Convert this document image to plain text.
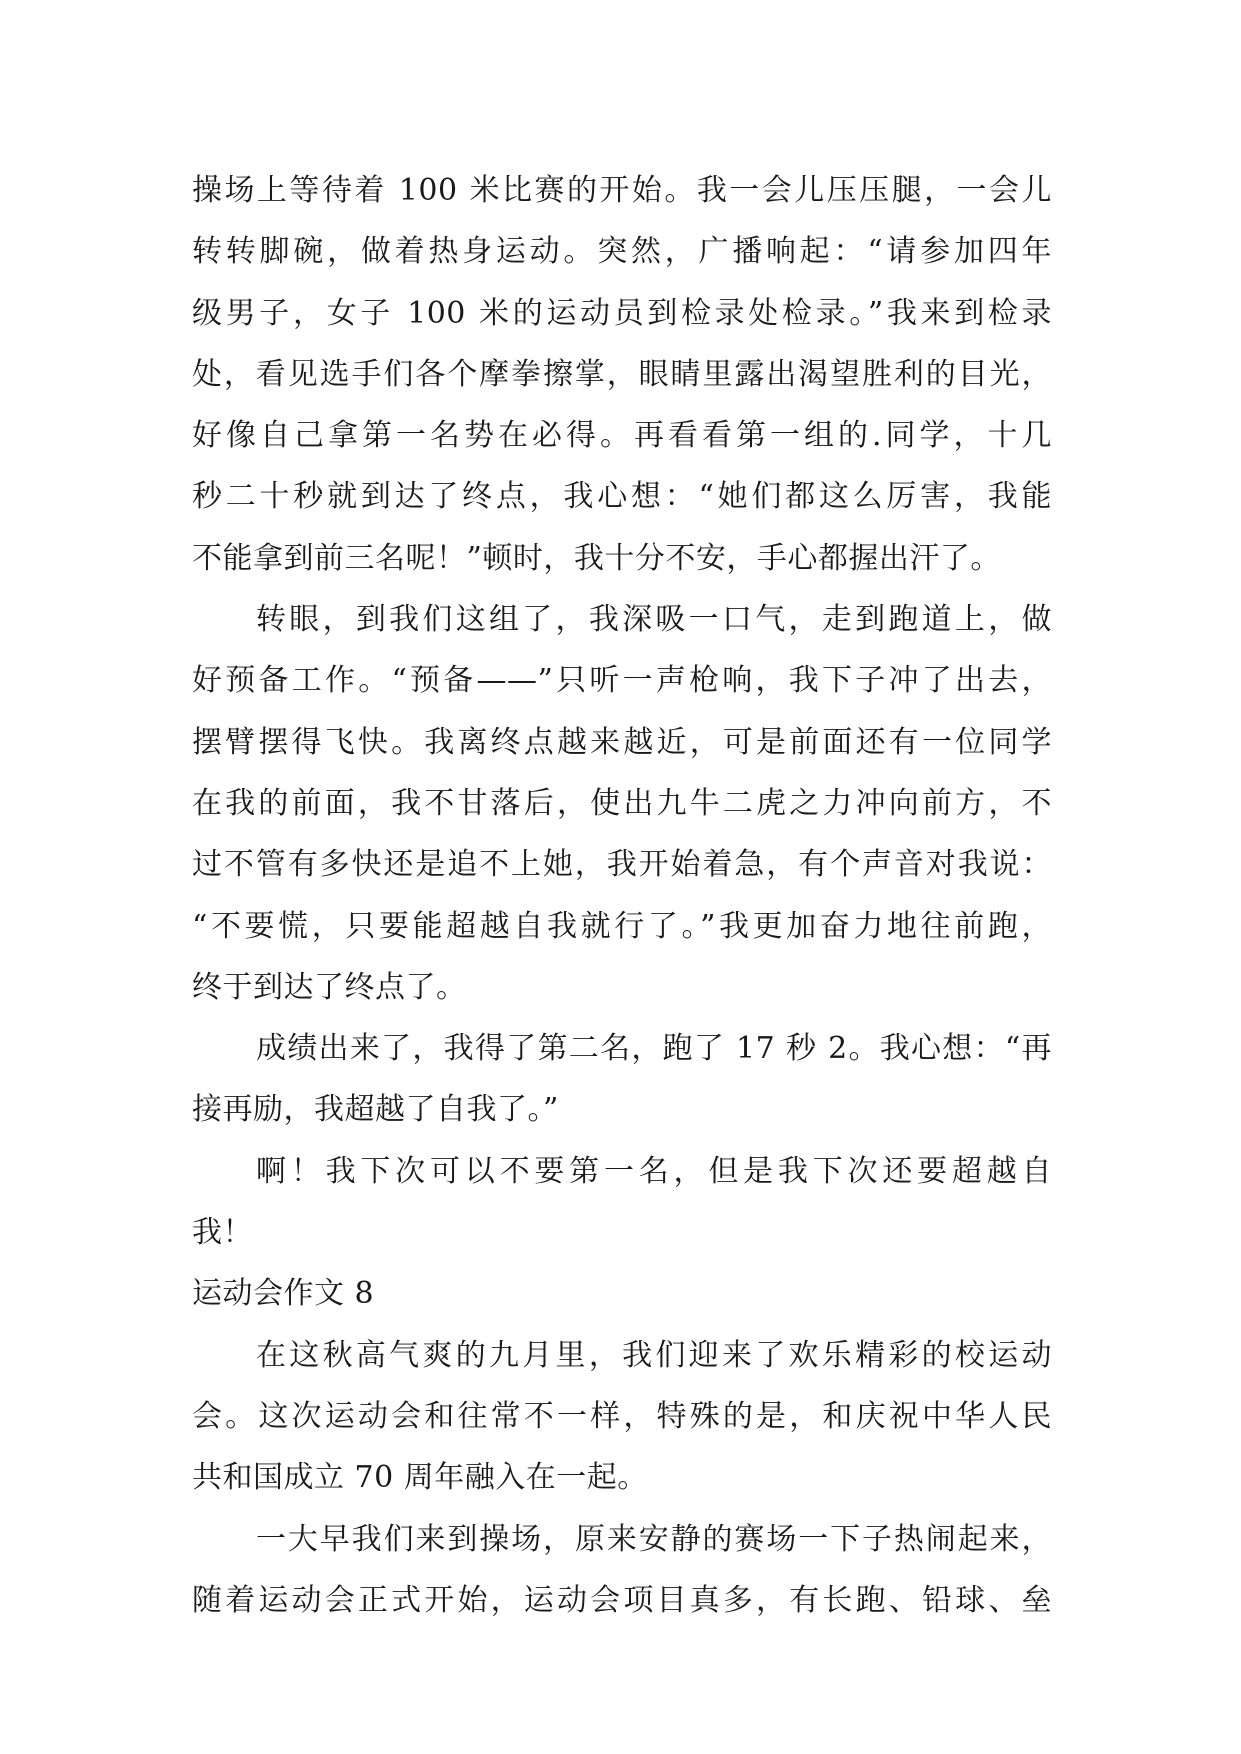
操场上等待着 100 米比赛的开始。我一会儿压压腿，一会儿
转转脚碗，做着热身运动。突然，广播响起：“请参加四年
级男子，女子 100 米的运动员到检录处检录。”我来到检录
处，看见选手们各个摩拳擦掌，眼睛里露出渴望胜利的目光，
好像自己拿第一名势在必得。再看看第一组的.同学，十几
秒二十秒就到达了终点，我心想：“她们都这么厉害，我能
不能拿到前三名呢！”顿时，我十分不安，手心都握出汗了。
转眼，到我们这组了，我深吸一口气，走到跑道上，做
好预备工作。“预备——”只听一声枪响，我下子冲了出去，
摆臂摆得飞快。我离终点越来越近，可是前面还有一位同学
在我的前面，我不甘落后，使出九牛二虎之力冲向前方，不
过不管有多快还是追不上她，我开始着急，有个声音对我说：
“不要慌，只要能超越自我就行了。”我更加奋力地往前跑，
终于到达了终点了。
成绩出来了，我得了第二名，跑了 17 秒 2。我心想：“再
接再励，我超越了自我了。”
啊！我下次可以不要第一名，但是我下次还要超越自
我！
运动会作文 8
在这秋高气爽的九月里，我们迎来了欢乐精彩的校运动
会。这次运动会和往常不一样，特殊的是，和庆祝中华人民
共和国成立 70 周年融入在一起。
一大早我们来到操场，原来安静的赛场一下子热闹起来，
随着运动会正式开始，运动会项目真多，有长跑、铅球、垒
